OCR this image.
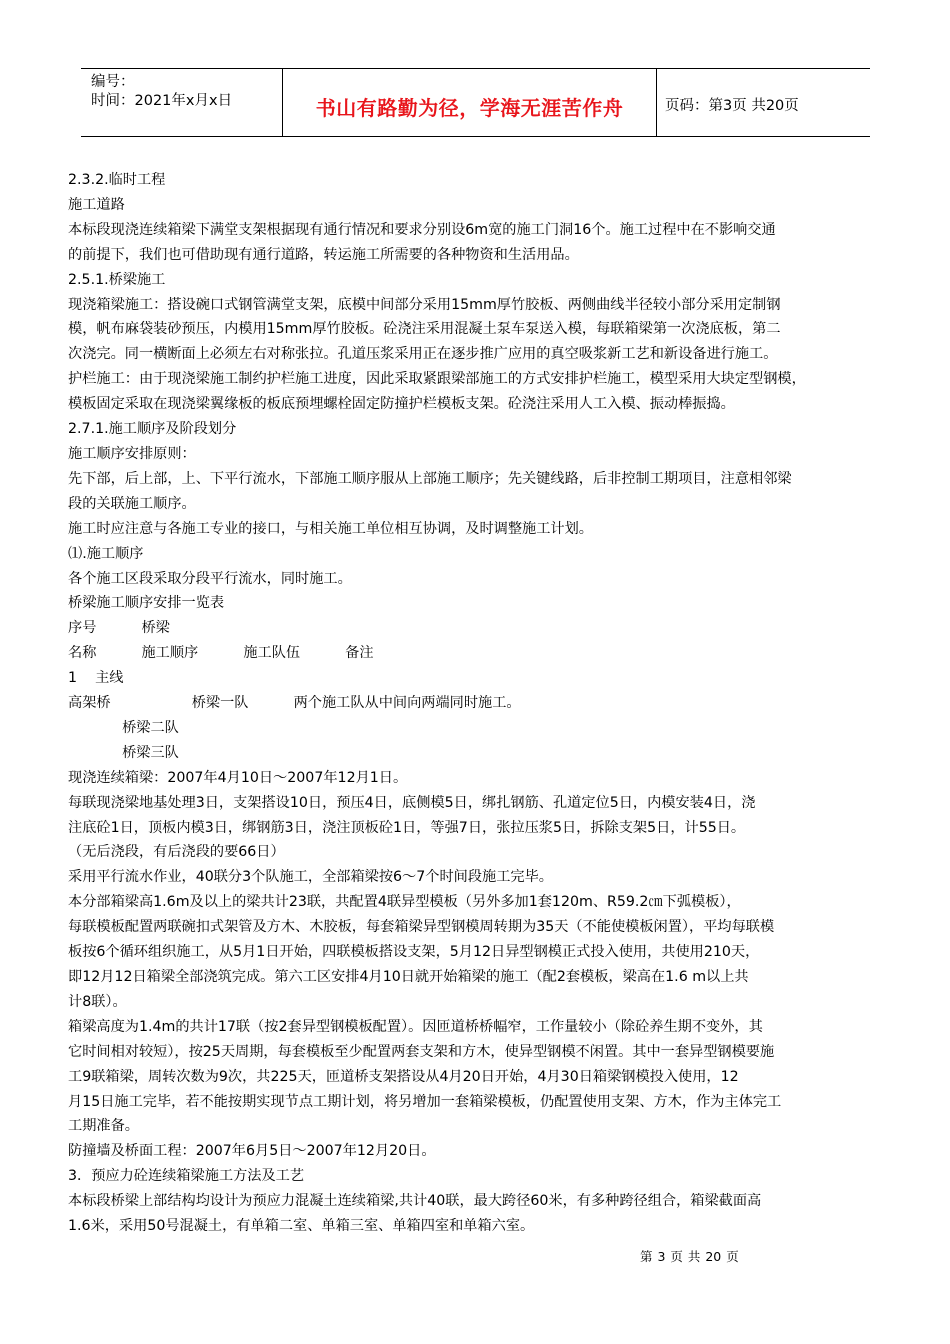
编号：
时间：2021年x月x日	书山有路勤为径，学海无涯苦作舟	页码：第3页 共20页

2.3.2.临时工程

施工道路

本标段现浇连续箱梁下满堂支架根据现有通行情况和要求分别设6m宽的施工门洞16个。施工过程中在不影响交通

的前提下，我们也可借助现有通行道路，转运施工所需要的各种物资和生活用品。

2.5.1.桥梁施工

现浇箱梁施工：搭设碗口式钢管满堂支架，底模中间部分采用15mm厚竹胶板、两侧曲线半径较小部分采用定制钢

模，帆布麻袋装砂预压，内模用15mm厚竹胶板。砼浇注采用混凝土泵车泵送入模，每联箱梁第一次浇底板，第二

次浇完。同一横断面上必须左右对称张拉。孔道压浆采用正在逐步推广应用的真空吸浆新工艺和新设备进行施工。

护栏施工：由于现浇梁施工制约护栏施工进度，因此采取紧跟梁部施工的方式安排护栏施工，模型采用大块定型钢模，

模板固定采取在现浇梁翼缘板的板底预埋螺栓固定防撞护栏模板支架。砼浇注采用人工入模、振动棒振捣。

2.7.1.施工顺序及阶段划分

施工顺序安排原则：

先下部，后上部，上、下平行流水，下部施工顺序服从上部施工顺序；先关键线路，后非控制工期项目，注意相邻梁

段的关联施工顺序。

施工时应注意与各施工专业的接口，与相关施工单位相互协调，及时调整施工计划。

⑴.施工顺序

各个施工区段采取分段平行流水，同时施工。

桥梁施工顺序安排一览表

序号          桥梁

名称          施工顺序          施工队伍          备注

1    主线

高架桥                  桥梁一队          两个施工队从中间向两端同时施工。

桥梁二队

桥梁三队

现浇连续箱梁：2007年4月10日～2007年12月1日。

每联现浇梁地基处理3日，支架搭设10日，预压4日，底侧模5日，绑扎钢筋、孔道定位5日，内模安装4日，浇

注底砼1日，顶板内模3日，绑钢筋3日，浇注顶板砼1日，等强7日，张拉压浆5日，拆除支架5日，计55日。

（无后浇段，有后浇段的要66日）

采用平行流水作业，40联分3个队施工，全部箱梁按6～7个时间段施工完毕。

本分部箱梁高1.6m及以上的梁共计23联，共配置4联异型模板（另外多加1套120m、R59.2㎝下弧模板），

每联模板配置两联碗扣式架管及方木、木胶板，每套箱梁异型钢模周转期为35天（不能使模板闲置），平均每联模

板按6个循环组织施工，从5月1日开始，四联模板搭设支架，5月12日异型钢模正式投入使用，共使用210天，

即12月12日箱梁全部浇筑完成。第六工区安排4月10日就开始箱梁的施工（配2套模板，梁高在1.6 m以上共

计8联）。

箱梁高度为1.4m的共计17联（按2套异型钢模板配置）。因匝道桥桥幅窄，工作量较小（除砼养生期不变外，其

它时间相对较短），按25天周期，每套模板至少配置两套支架和方木，使异型钢模不闲置。其中一套异型钢模要施

工9联箱梁，周转次数为9次，共225天，匝道桥支架搭设从4月20日开始，4月30日箱梁钢模投入使用，12

月15日施工完毕，若不能按期实现节点工期计划，将另增加一套箱梁模板，仍配置使用支架、方木，作为主体完工

工期准备。

防撞墙及桥面工程：2007年6月5日～2007年12月20日。

3．预应力砼连续箱梁施工方法及工艺

本标段桥梁上部结构均设计为预应力混凝土连续箱梁,共计40联，最大跨径60米，有多种跨径组合，箱梁截面高

1.6米，采用50号混凝土，有单箱二室、单箱三室、单箱四室和单箱六室。

第 3 页 共 20 页
